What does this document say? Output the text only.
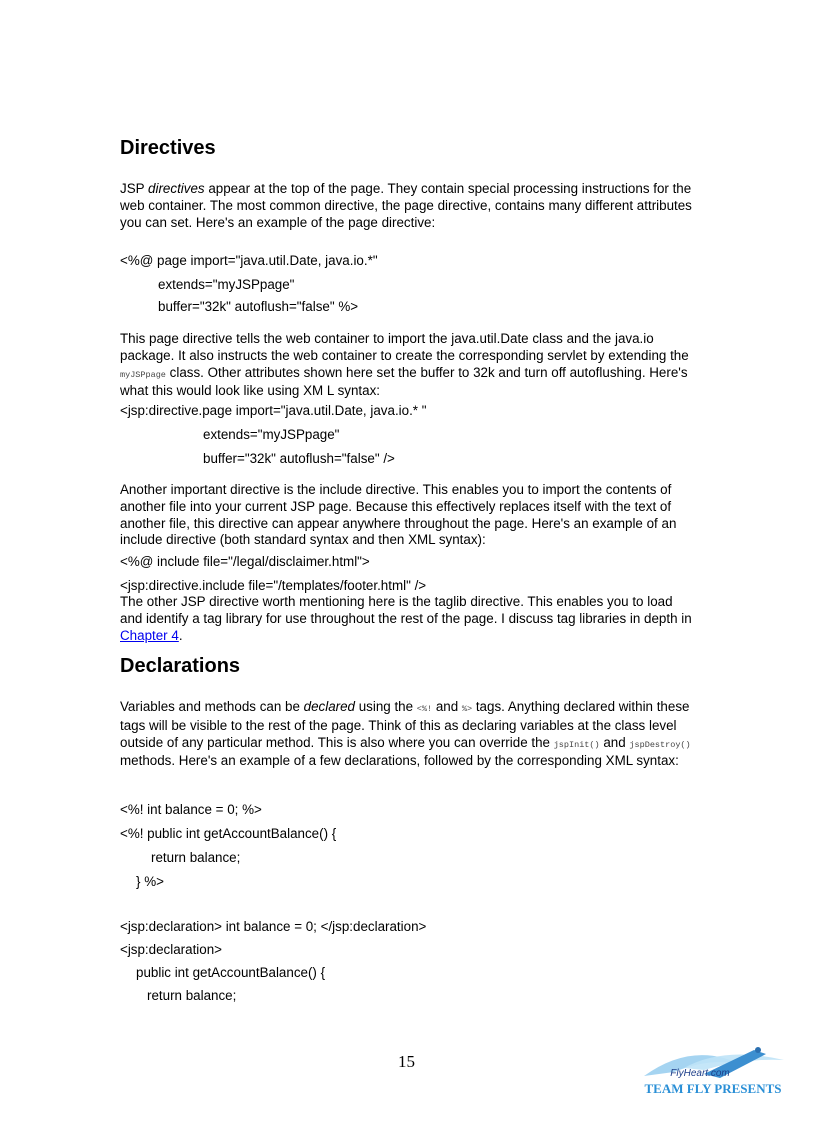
Directives

JSP directives appear at the top of the page. They contain special processing instructions for the web container. The most common directive, the page directive, contains many different attributes you can set. Here's an example of the page directive:

<%@ page import="java.util.Date, java.io.*"

extends="myJSPpage"

buffer="32k" autoflush="false" %>

This page directive tells the web container to import the java.util.Date class and the java.io package. It also instructs the web container to create the corresponding servlet by extending the myJSPpage class. Other attributes shown here set the buffer to 32k and turn off autoflushing. Here's what this would look like using XM L syntax:

<jsp:directive.page import="java.util.Date, java.io.* "

extends="myJSPpage"

buffer="32k" autoflush="false" />

Another important directive is the include directive. This enables you to import the contents of another file into your current JSP page. Because this effectively replaces itself with the text of another file, this directive can appear anywhere throughout the page. Here's an example of an include directive (both standard syntax and then XML syntax):

<%@ include file="/legal/disclaimer.html">

<jsp:directive.include file="/templates/footer.html" />

The other JSP directive worth mentioning here is the taglib directive. This enables you to load and identify a tag library for use throughout the rest of the page. I discuss tag libraries in depth in Chapter 4.

Declarations

Variables and methods can be declared using the <%! and %> tags. Anything declared within these tags will be visible to the rest of the page. Think of this as declaring variables at the class level outside of any particular method. This is also where you can override the jspInit() and jspDestroy() methods. Here's an example of a few declarations, followed by the corresponding XML syntax:

<%! int balance = 0; %>

<%! public int getAccountBalance() {

return balance;

} %>

<jsp:declaration> int balance = 0; </jsp:declaration>

<jsp:declaration>

public int getAccountBalance() {

return balance;

15
FlyHeart.com
TEAM FLY PRESENTS
